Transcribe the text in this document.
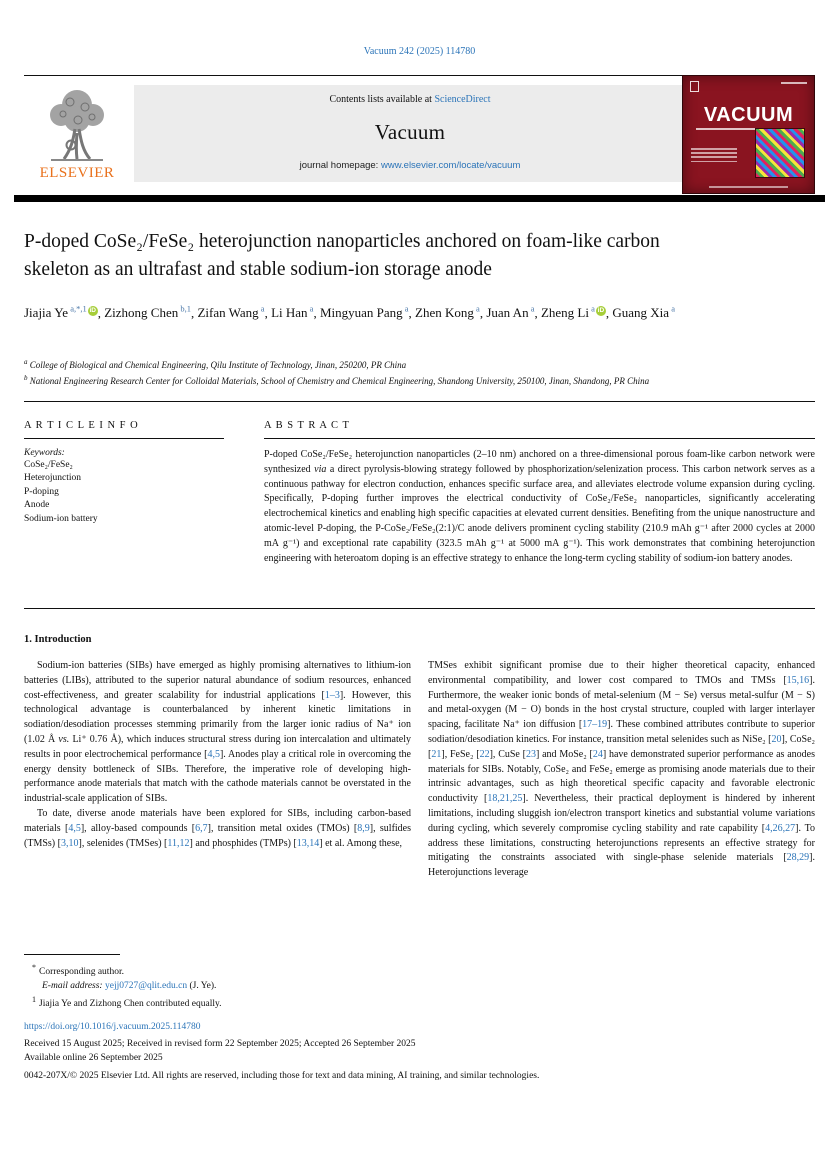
Vacuum 242 (2025) 114780
ELSEVIER
Contents lists available at ScienceDirect
Vacuum
journal homepage: www.elsevier.com/locate/vacuum
VACUUM
P-doped CoSe₂/FeSe₂ heterojunction nanoparticles anchored on foam-like carbon skeleton as an ultrafast and stable sodium-ion storage anode
Jiajia Ye $^{a,*,1}$ iD , Zizhong Chen $^{b,1}$, Zifan Wang $^a$, Li Han $^a$, Mingyuan Pang $^a$, Zhen Kong $^a$, Juan An $^a$, Zheng Li $^a$ iD , Guang Xia $^a$
$^a$ College of Biological and Chemical Engineering, Qilu Institute of Technology, Jinan, 250200, PR China
$^b$ National Engineering Research Center for Colloidal Materials, School of Chemistry and Chemical Engineering, Shandong University, 250100, Jinan, Shandong, PR China
A R T I C L E I N F O
Keywords:
CoSe₂/FeSe₂
Heterojunction
P-doping
Anode
Sodium-ion battery
A B S T R A C T

P-doped CoSe₂/FeSe₂ heterojunction nanoparticles (2–10 nm) anchored on a three-dimensional porous foam-like carbon network were synthesized via a direct pyrolysis-blowing strategy followed by phosphorization/selenization process. This carbon network serves as a continuous pathway for electron conduction, enhances specific surface area, and alleviates electrode volume expansion during cycling. Specifically, P-doping further improves the electrical conductivity of CoSe₂/FeSe₂ nanoparticles, significantly accelerating electrochemical kinetics and enabling high specific capacities at elevated current densities. Benefiting from the unique nanostructure and atomic-level P-doping, the P-CoSe₂/FeSe₂(2:1)/C anode delivers prominent cycling stability (210.9 mAh g⁻¹ after 2000 cycles at 2000 mA g⁻¹) and exceptional rate capability (323.5 mAh g⁻¹ at 5000 mA g⁻¹). This work demonstrates that combining heterojunction engineering with heteroatom doping is an effective strategy to enhance the long-term cycling stability of sodium-ion battery anodes.

1. Introduction

Sodium-ion batteries (SIBs) have emerged as highly promising alternatives to lithium-ion batteries (LIBs), attributed to the superior natural abundance of sodium resources, enhanced cost-effectiveness, and greater scalability for industrial applications [1–3]. However, this technological advantage is counterbalanced by inherent kinetic limitations in sodiation/desodiation processes stemming primarily from the larger ionic radius of Na⁺ ion (1.02 Å vs. Li⁺ 0.76 Å), which induces structural stress during ion intercalation and ultimately results in poor electrochemical performance [4,5]. Anodes play a critical role in overcoming the energy density bottleneck of SIBs. Therefore, the imperative role of developing high-performance anode materials that match with the cathode materials cannot be overstated in the industrial-scale application of SIBs.

To date, diverse anode materials have been explored for SIBs, including carbon-based materials [4,5], alloy-based compounds [6,7], transition metal oxides (TMOs) [8,9], sulfides (TMSs) [3,10], selenides (TMSes) [11,12] and phosphides (TMPs) [13,14] et al. Among these,

TMSes exhibit significant promise due to their higher theoretical capacity, enhanced environmental compatibility, and lower cost compared to TMOs and TMSs [15,16]. Furthermore, the weaker ionic bonds of metal-selenium (M − Se) versus metal-sulfur (M − S) and metal-oxygen (M − O) bonds in the host crystal structure, coupled with larger interlayer spacing, facilitate Na⁺ ion diffusion [17–19]. These combined attributes contribute to superior sodiation/desodiation kinetics. For instance, transition metal selenides such as NiSe₂ [20], CoSe₂ [21], FeSe₂ [22], CuSe [23] and MoSe₂ [24] have demonstrated superior performance as anodes materials for SIBs. Notably, CoSe₂ and FeSe₂ emerge as promising anode materials due to their intrinsic advantages, such as high theoretical specific capacity and favorable electronic conductivity [18,21,25]. Nevertheless, their practical deployment is hindered by inherent limitations, including sluggish ion/electron transport kinetics and substantial volume variations during cycling, which severely compromise cycling stability and rate capability [4,26,27]. To address these limitations, constructing heterojunctions represents an effective strategy for mitigating the constraints associated with single-phase selenide materials [28,29]. Heterojunctions leverage

* Corresponding author.
E-mail address: yejj0727@qlit.edu.cn (J. Ye).
$^1$ Jiajia Ye and Zizhong Chen contributed equally.
https://doi.org/10.1016/j.vacuum.2025.114780
Received 15 August 2025; Received in revised form 22 September 2025; Accepted 26 September 2025
Available online 26 September 2025
0042-207X/© 2025 Elsevier Ltd. All rights are reserved, including those for text and data mining, AI training, and similar technologies.
